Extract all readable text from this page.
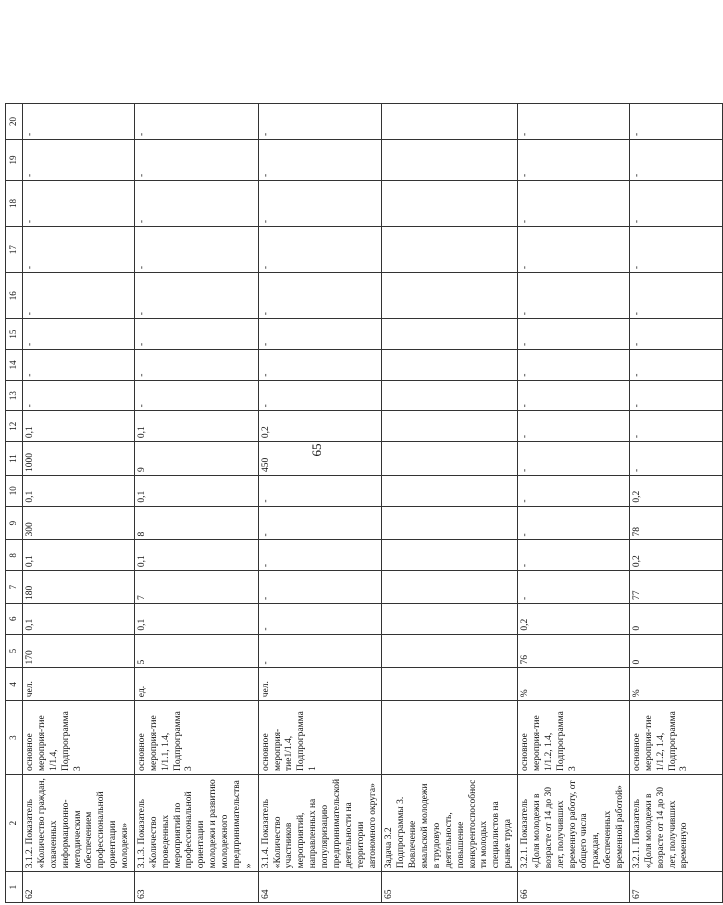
65
1	2	3	4	5	6	7	8	9	10	11	12	13	14	15	16	17	18	19	20
62	3.1.2. Показатель «Количество граждан, охваченных информационно-методическим обеспечением профессиональной ориентации молодежи»	основное мероприя-тие 1/1.4, Подпрограмма 3	чел.	170	0,1	180	0,1	300	0,1	1000	0,1	-	-	-	-	-	-	-	-
63	3.1.3. Показатель «Количество проведенных мероприятий по профессиональной ориентации молодежи и развитию молодежного предпринимательства»	основное мероприя-тие 1/1.1, 1.4, Подпрограмма 3	ед.	5	0,1	7	0,1	8	0,1	9	0,1	-	-	-	-	-	-	-	-
64	3.1.4. Показатель «Количество участников мероприятий, направленных на популяризацию предпринимательской деятельности на территории автономного округа»	основное мероприя-тие1/1.4, Подпрограмма 1	чел.	-	-	-	-	-	-	450	0,2	-	-	-	-	-	-	-	-
65	Задача 3.2 Подпрограммы 3. Вовлечение ямальской молодежи в трудовую деятельность, повышение конкурентоспособности молодых специалистов на рынке труда																		
66	3.2.1. Показатель «Доля молодежи в возрасте от 14 до 30 лет, получивших временную работу, от общего числа граждан, обеспеченных временной работой»	основное мероприя-тие 1/1.2, 1.4, Подпрограмма 3	%	76	0,2	-	-	-	-	-	-	-	-	-	-	-	-	-	-
67	3.2.1. Показатель «Доля молодежи в возрасте от 14 до 30 лет, получивших временную	основное мероприя-тие 1/1.2, 1.4, Подпрограмма 3	%	0	0	77	0,2	78	0,2	-	-	-	-	-	-	-	-	-	-
